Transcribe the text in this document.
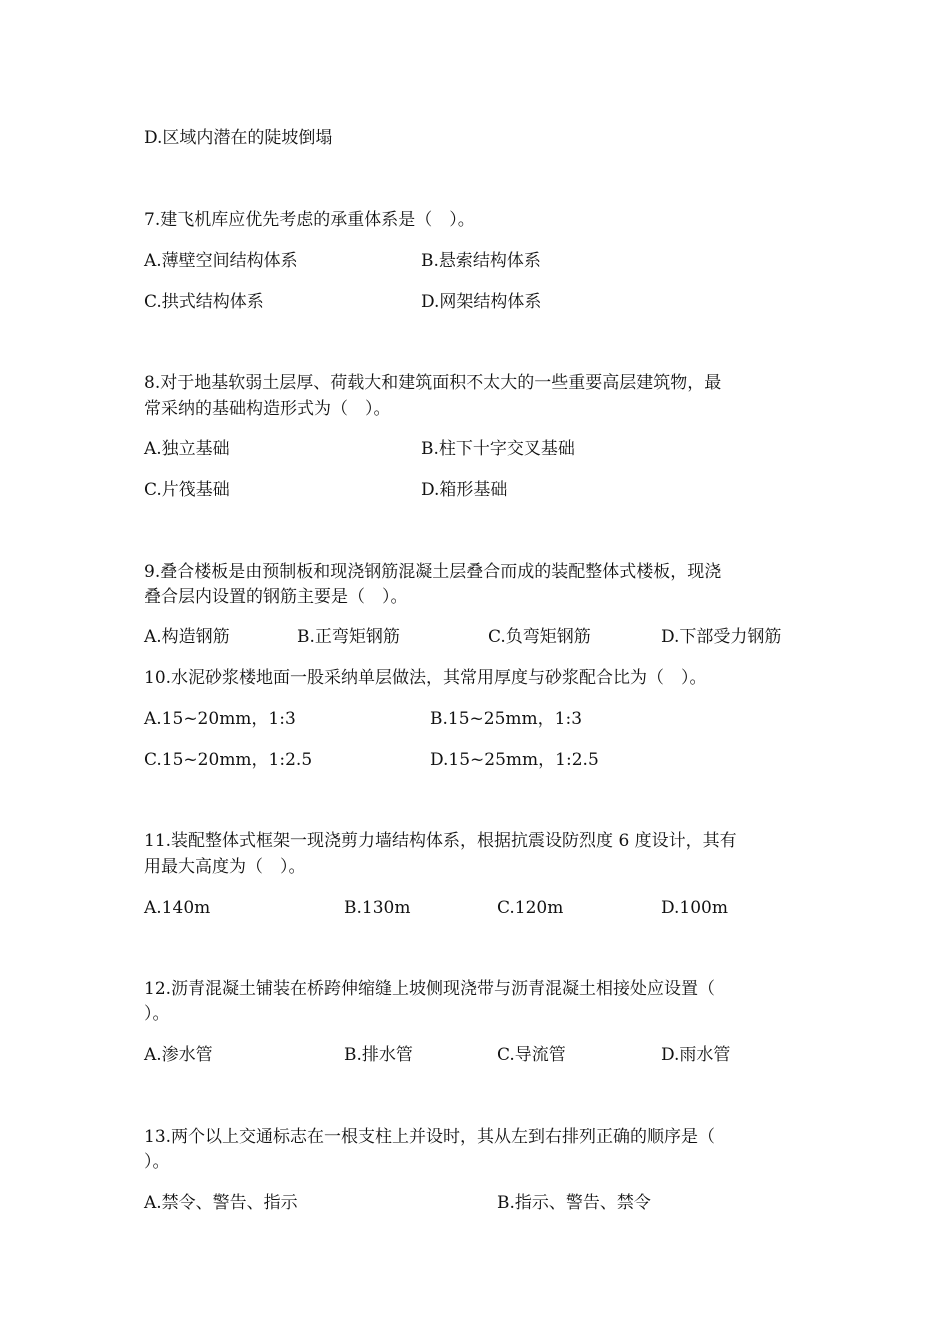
D.区域内潜在的陡坡倒塌
7.建飞机库应优先考虑的承重体系是（　）。
A.薄壁空间结构体系	B.悬索结构体系
C.拱式结构体系	D.网架结构体系
8.对于地基软弱土层厚、荷载大和建筑面积不太大的一些重要高层建筑物，最
常采纳的基础构造形式为（　）。
A.独立基础	B.柱下十字交叉基础
C.片筏基础	D.箱形基础
9.叠合楼板是由预制板和现浇钢筋混凝土层叠合而成的装配整体式楼板，现浇
叠合层内设置的钢筋主要是（　）。
A.构造钢筋	B.正弯矩钢筋	C.负弯矩钢筋	D.下部受力钢筋
10.水泥砂浆楼地面一股采纳单层做法，其常用厚度与砂浆配合比为（　）。
A.15~20mm，1:3	B.15~25mm，1:3
C.15~20mm，1:2.5	D.15~25mm，1:2.5
11.装配整体式框架一现浇剪力墙结构体系，根据抗震设防烈度 6 度设计，其有
用最大高度为（　）。
A.140m	B.130m	C.120m	D.100m
12.沥青混凝土铺装在桥跨伸缩缝上坡侧现浇带与沥青混凝土相接处应设置（
）。
A.渗水管	B.排水管	C.导流管	D.雨水管
13.两个以上交通标志在一根支柱上并设时，其从左到右排列正确的顺序是（
）。
A.禁令、警告、指示	B.指示、警告、禁令
